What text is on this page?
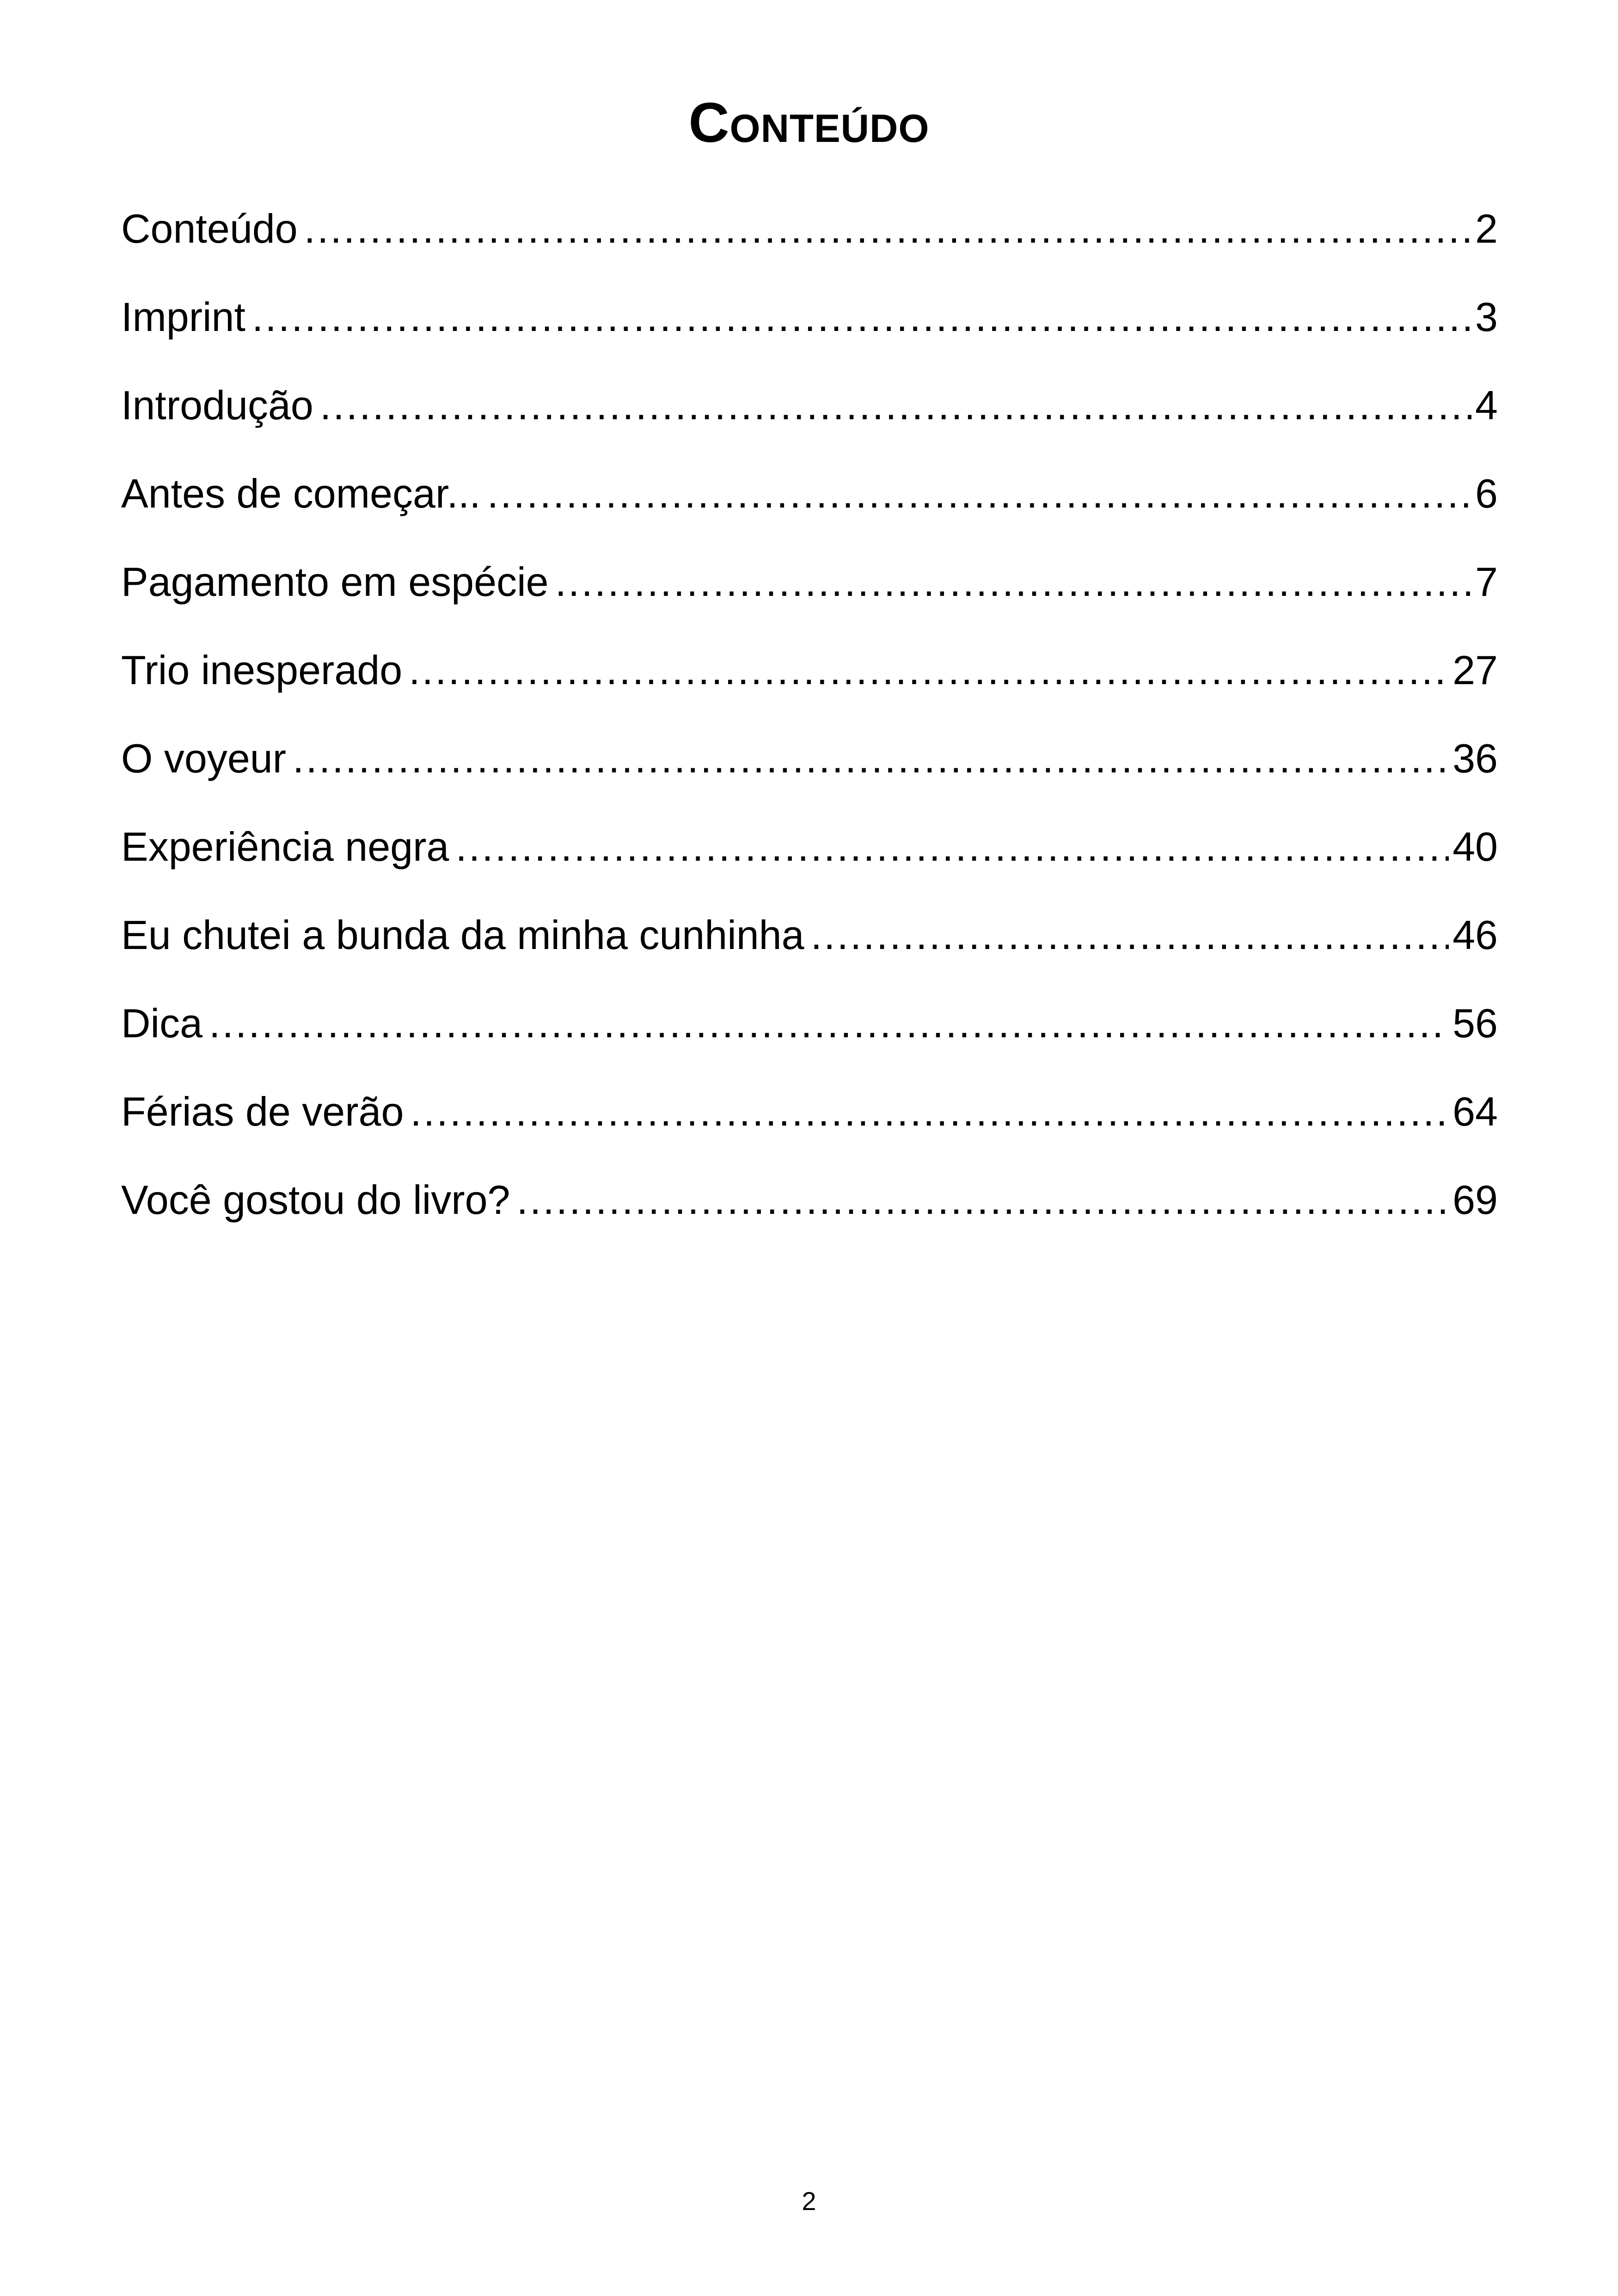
Conteúdo
Conteúdo .....	2
Imprint .....	3
Introdução .....	4
Antes de começar... .....	6
Pagamento em espécie .....	7
Trio inesperado .....	27
O voyeur .....	36
Experiência negra .....	40
Eu chutei a bunda da minha cunhinha .....	46
Dica .....	56
Férias de verão .....	64
Você gostou do livro? .....	69
2
